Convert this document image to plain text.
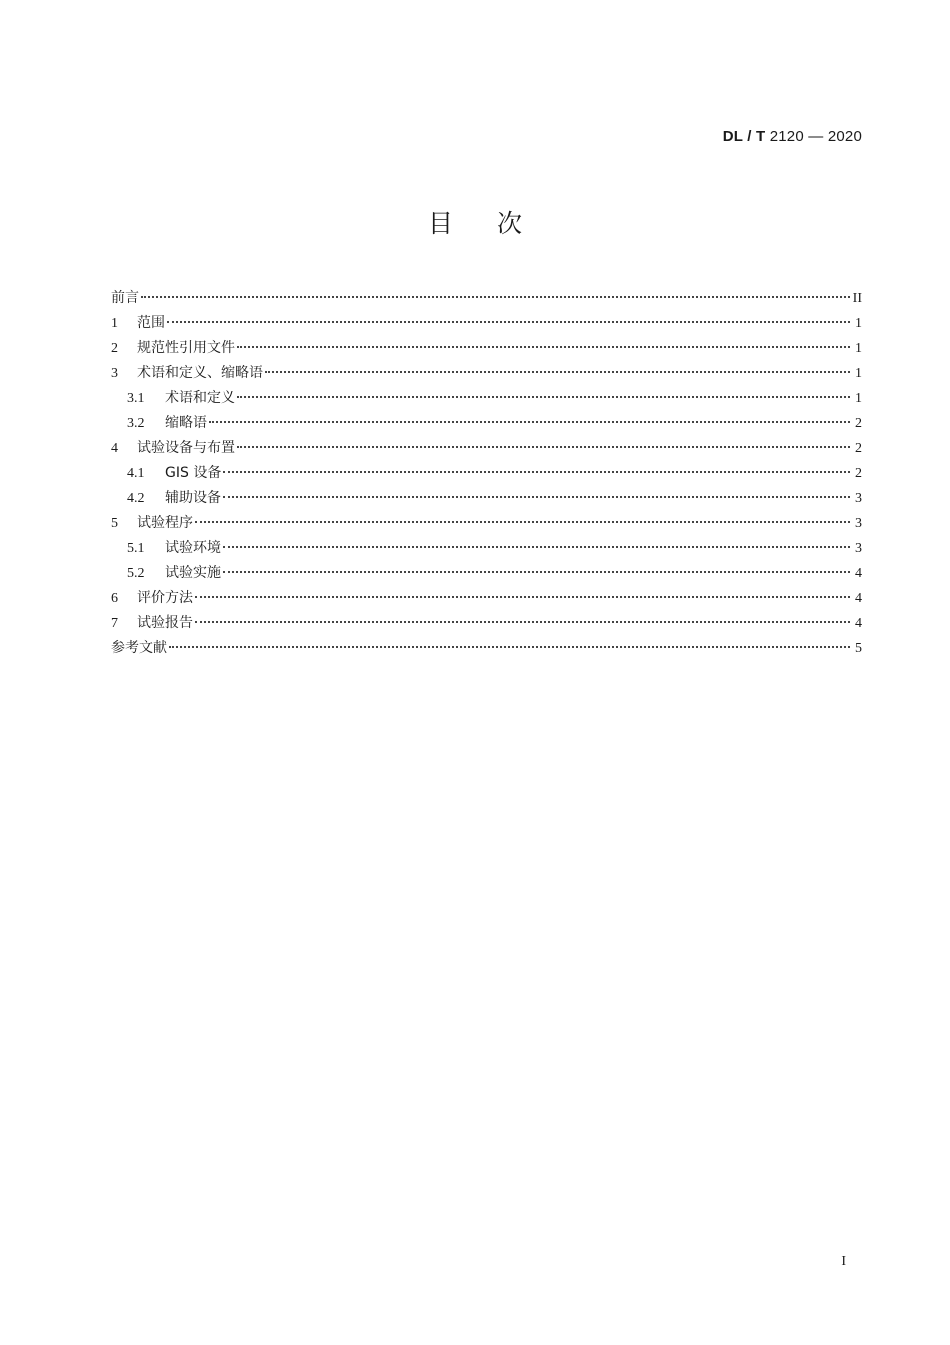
DL / T 2120 — 2020
目次
前言	II
1	范围	1
2	规范性引用文件	1
3	术语和定义、缩略语	1
3.1	术语和定义	1
3.2	缩略语	2
4	试验设备与布置	2
4.1	GIS 设备	2
4.2	辅助设备	3
5	试验程序	3
5.1	试验环境	3
5.2	试验实施	4
6	评价方法	4
7	试验报告	4
参考文献	5
I
